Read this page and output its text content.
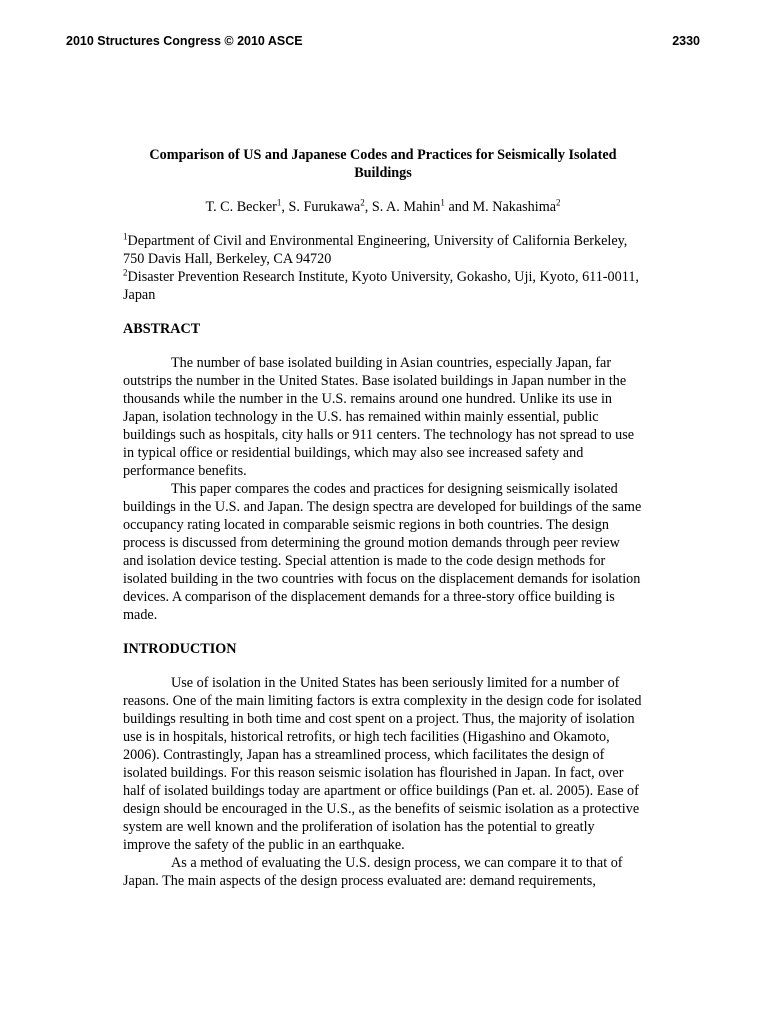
2010 Structures Congress © 2010 ASCE	2330

Comparison of US and Japanese Codes and Practices for Seismically Isolated Buildings

T. C. Becker$^1$, S. Furukawa$^2$, S. A. Mahin$^1$ and M. Nakashima$^2$

$^1$Department of Civil and Environmental Engineering, University of California Berkeley, 750 Davis Hall, Berkeley, CA 94720

$^2$Disaster Prevention Research Institute, Kyoto University, Gokasho, Uji, Kyoto, 611-0011, Japan

ABSTRACT

The number of base isolated building in Asian countries, especially Japan, far outstrips the number in the United States. Base isolated buildings in Japan number in the thousands while the number in the U.S. remains around one hundred. Unlike its use in Japan, isolation technology in the U.S. has remained within mainly essential, public buildings such as hospitals, city halls or 911 centers. The technology has not spread to use in typical office or residential buildings, which may also see increased safety and performance benefits.

This paper compares the codes and practices for designing seismically isolated buildings in the U.S. and Japan. The design spectra are developed for buildings of the same occupancy rating located in comparable seismic regions in both countries. The design process is discussed from determining the ground motion demands through peer review and isolation device testing. Special attention is made to the code design methods for isolated building in the two countries with focus on the displacement demands for isolation devices. A comparison of the displacement demands for a three-story office building is made.

INTRODUCTION

Use of isolation in the United States has been seriously limited for a number of reasons. One of the main limiting factors is extra complexity in the design code for isolated buildings resulting in both time and cost spent on a project. Thus, the majority of isolation use is in hospitals, historical retrofits, or high tech facilities (Higashino and Okamoto, 2006). Contrastingly, Japan has a streamlined process, which facilitates the design of isolated buildings. For this reason seismic isolation has flourished in Japan. In fact, over half of isolated buildings today are apartment or office buildings (Pan et. al. 2005). Ease of design should be encouraged in the U.S., as the benefits of seismic isolation as a protective system are well known and the proliferation of isolation has the potential to greatly improve the safety of the public in an earthquake.

As a method of evaluating the U.S. design process, we can compare it to that of Japan. The main aspects of the design process evaluated are: demand requirements,
